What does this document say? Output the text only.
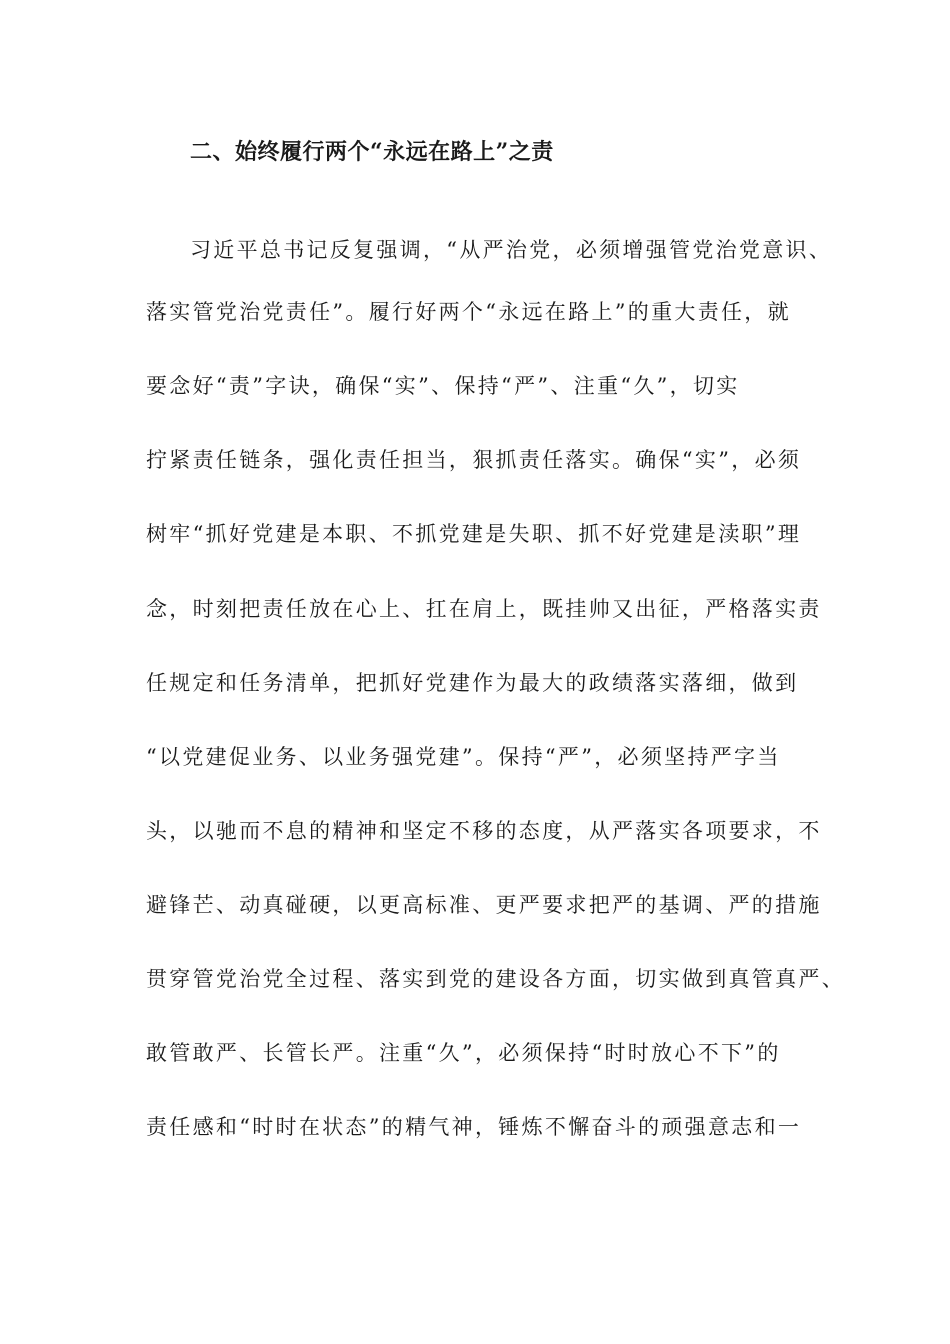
二、始终履行两个“永远在路上”之责
习近平总书记反复强调，“从严治党，必须增强管党治党意识、
落实管党治党责任”。履行好两个“永远在路上”的重大责任，就
要念好“责”字诀，确保“实”、保持“严”、注重“久”，切实
拧紧责任链条，强化责任担当，狠抓责任落实。确保“实”，必须
树牢“抓好党建是本职、不抓党建是失职、抓不好党建是渎职”理
念，时刻把责任放在心上、扛在肩上，既挂帅又出征，严格落实责
任规定和任务清单，把抓好党建作为最大的政绩落实落细，做到
“以党建促业务、以业务强党建”。保持“严”，必须坚持严字当
头，以驰而不息的精神和坚定不移的态度，从严落实各项要求，不
避锋芒、动真碰硬，以更高标准、更严要求把严的基调、严的措施
贯穿管党治党全过程、落实到党的建设各方面，切实做到真管真严、
敢管敢严、长管长严。注重“久”，必须保持“时时放心不下”的
责任感和“时时在状态”的精气神，锤炼不懈奋斗的顽强意志和一
